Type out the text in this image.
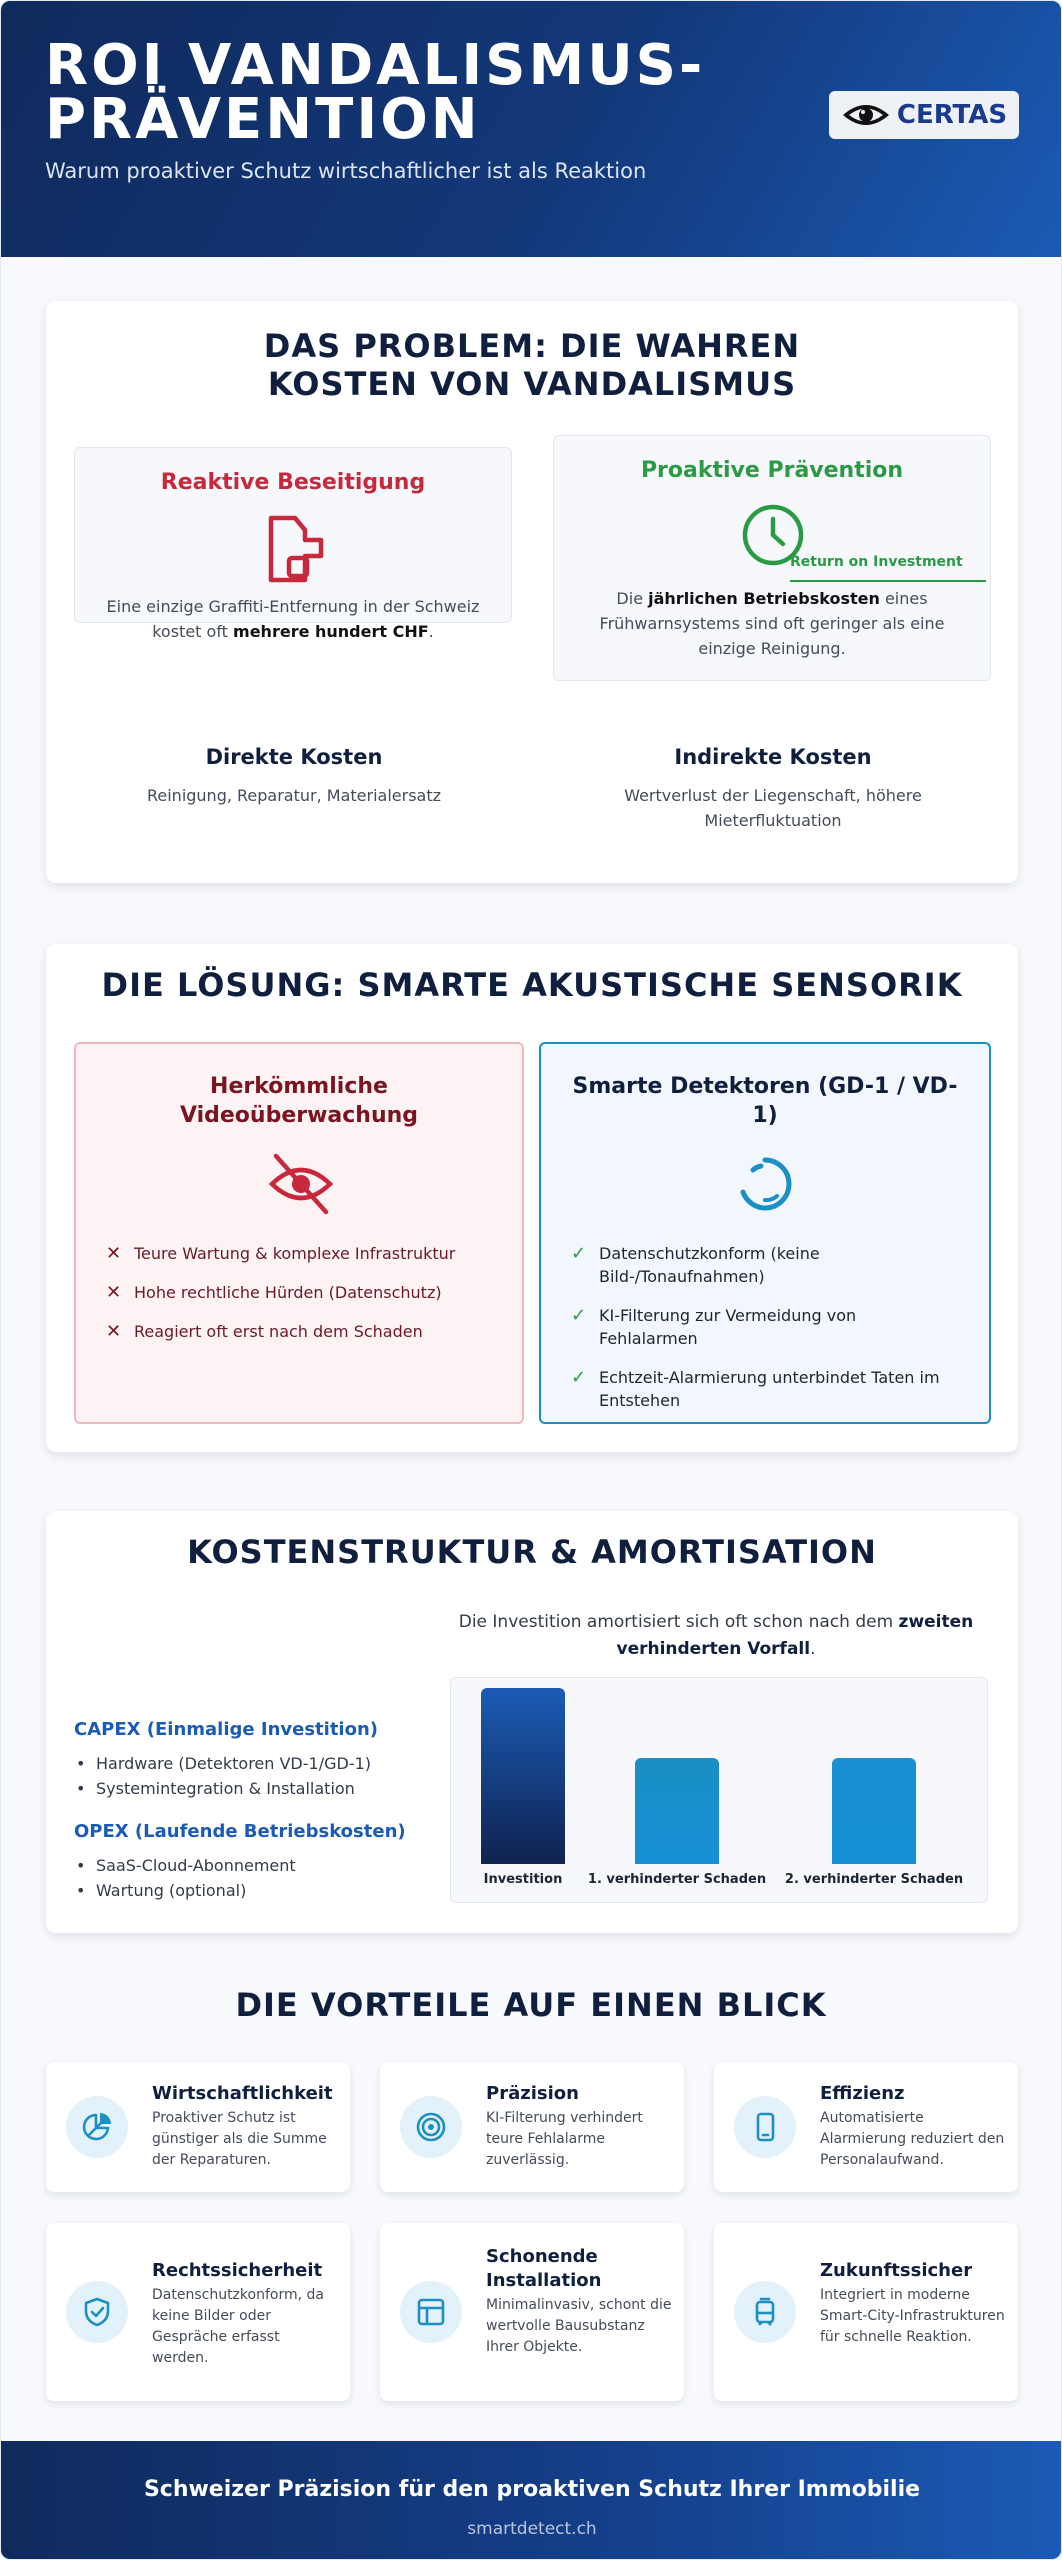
ROI VANDALISMUS-PRÄVENTION
Warum proaktiver Schutz wirtschaftlicher ist als Reaktion
CERTAS
DAS PROBLEM: DIE WAHREN KOSTEN VON VANDALISMUS
Reaktive Beseitigung
Eine einzige Graffiti-Entfernung in der Schweiz kostet oft mehrere hundert CHF.
Proaktive Prävention
Return on Investment
Die jährlichen Betriebskosten eines Frühwarnsystems sind oft geringer als eine einzige Reinigung.
Direkte Kosten
Reinigung, Reparatur, Materialersatz
Indirekte Kosten
Wertverlust der Liegenschaft, höhere Mieterfluktuation
DIE LÖSUNG: SMARTE AKUSTISCHE SENSORIK
Herkömmliche Videoüberwachung
✕ Teure Wartung & komplexe Infrastruktur
✕ Hohe rechtliche Hürden (Datenschutz)
✕ Reagiert oft erst nach dem Schaden
Smarte Detektoren (GD-1 / VD-1)
✓ Datenschutzkonform (keine Bild-/Tonaufnahmen)
✓ KI-Filterung zur Vermeidung von Fehlalarmen
✓ Echtzeit-Alarmierung unterbindet Taten im Entstehen
KOSTENSTRUKTUR & AMORTISATION
CAPEX (Einmalige Investition)
• Hardware (Detektoren VD-1/GD-1)
• Systemintegration & Installation
OPEX (Laufende Betriebskosten)
• SaaS-Cloud-Abonnement
• Wartung (optional)
Die Investition amortisiert sich oft schon nach dem zweiten verhinderten Vorfall.
Investition	1. verhinderter Schaden	2. verhinderter Schaden
DIE VORTEILE AUF EINEN BLICK
Wirtschaftlichkeit
Proaktiver Schutz ist günstiger als die Summe der Reparaturen.
Präzision
KI-Filterung verhindert teure Fehlalarme zuverlässig.
Effizienz
Automatisierte Alarmierung reduziert den Personalaufwand.
Rechtssicherheit
Datenschutzkonform, da keine Bilder oder Gespräche erfasst werden.
Schonende Installation
Minimalinvasiv, schont die wertvolle Bausubstanz Ihrer Objekte.
Zukunftssicher
Integriert in moderne Smart-City-Infrastrukturen für schnelle Reaktion.
Schweizer Präzision für den proaktiven Schutz Ihrer Immobilie
smartdetect.ch
